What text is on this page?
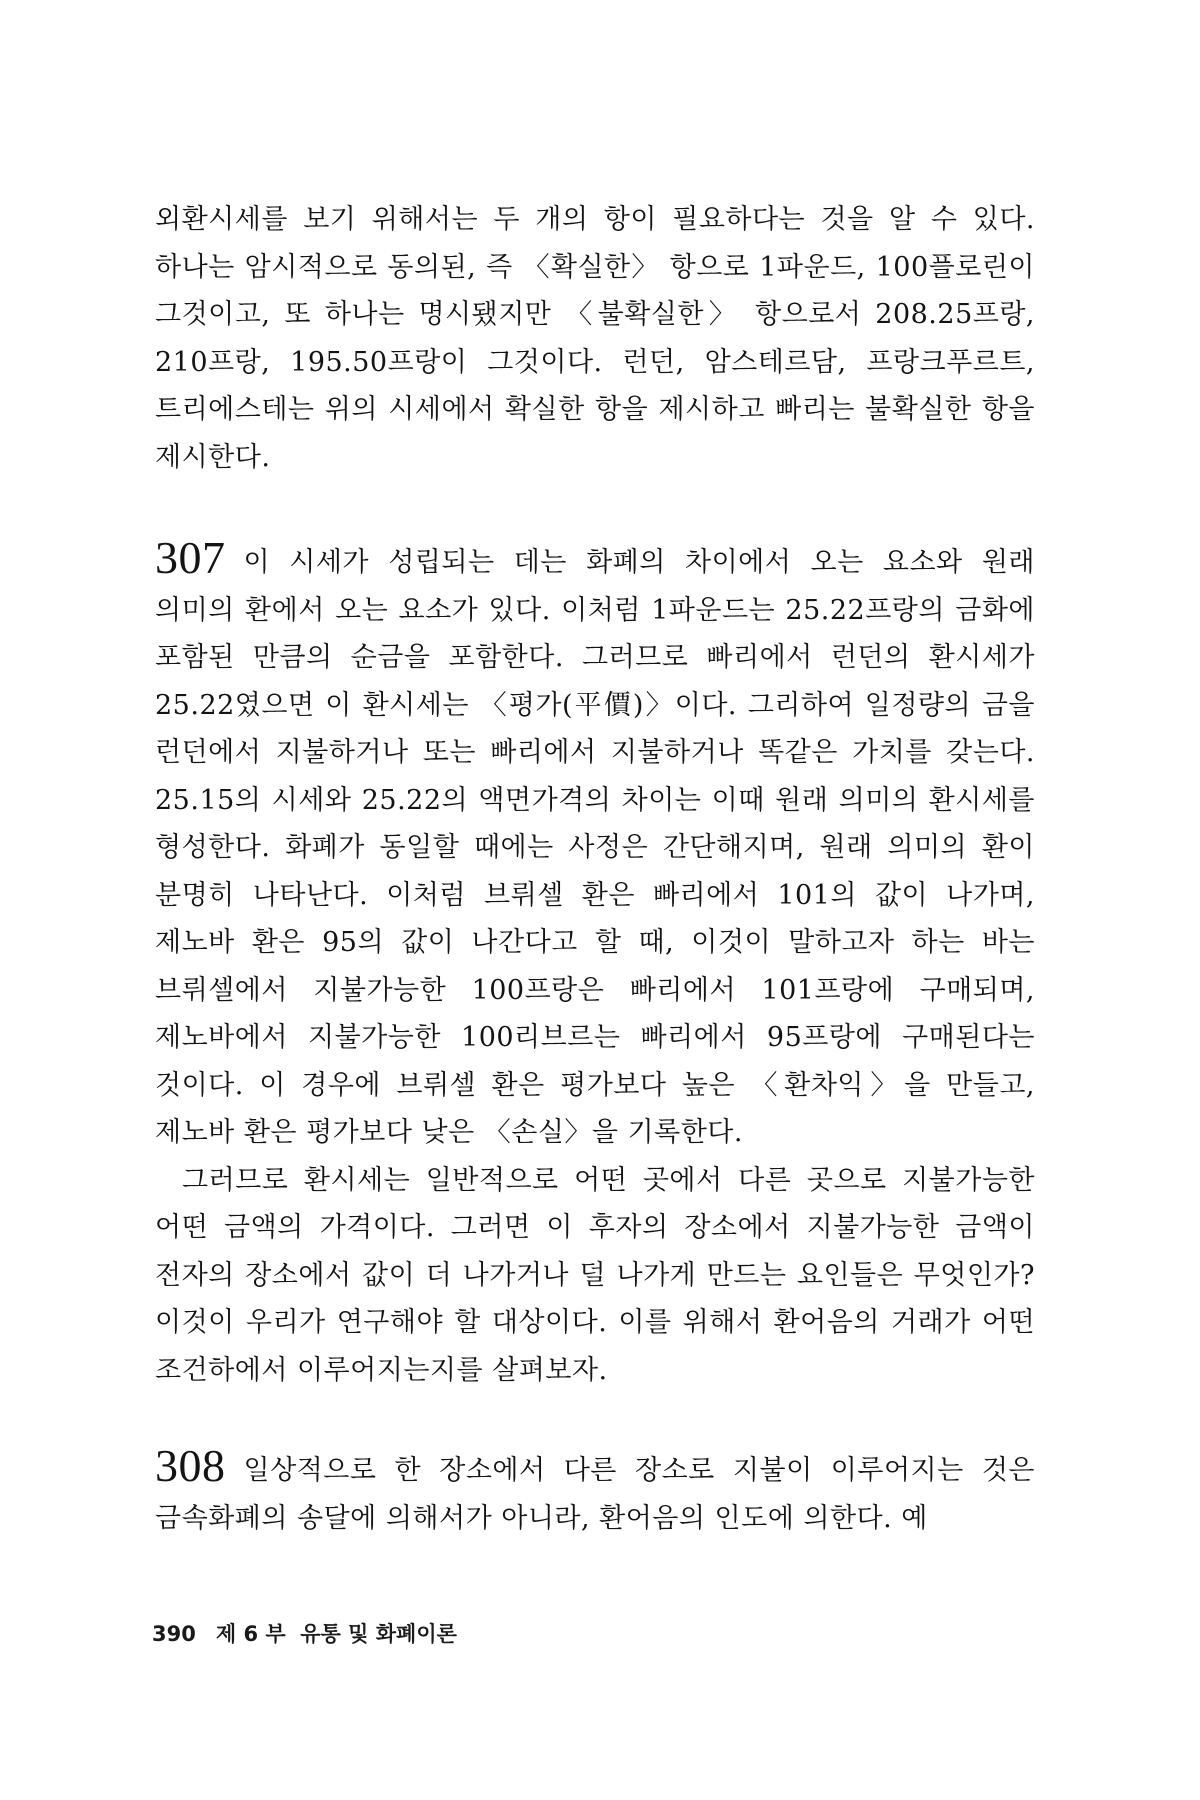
외환시세를 보기 위해서는 두 개의 항이 필요하다는 것을 알 수 있다. 하나는 암시적으로 동의된, 즉 〈확실한〉 항으로 1파운드, 100플로린이 그것이고, 또 하나는 명시됐지만 〈불확실한〉 항으로서 208.25프랑, 210프랑, 195.50프랑이 그것이다. 런던, 암스테르담, 프랑크푸르트, 트리에스테는 위의 시세에서 확실한 항을 제시하고 빠리는 불확실한 항을 제시한다.

307 이 시세가 성립되는 데는 화폐의 차이에서 오는 요소와 원래 의미의 환에서 오는 요소가 있다. 이처럼 1파운드는 25.22프랑의 금화에 포함된 만큼의 순금을 포함한다. 그러므로 빠리에서 런던의 환시세가 25.22였으면 이 환시세는 〈평가(平價)〉이다. 그리하여 일정량의 금을 런던에서 지불하거나 또는 빠리에서 지불하거나 똑같은 가치를 갖는다. 25.15의 시세와 25.22의 액면가격의 차이는 이때 원래 의미의 환시세를 형성한다. 화폐가 동일할 때에는 사정은 간단해지며, 원래 의미의 환이 분명히 나타난다. 이처럼 브뤼셀 환은 빠리에서 101의 값이 나가며, 제노바 환은 95의 값이 나간다고 할 때, 이것이 말하고자 하는 바는 브뤼셀에서 지불가능한 100프랑은 빠리에서 101프랑에 구매되며, 제노바에서 지불가능한 100리브르는 빠리에서 95프랑에 구매된다는 것이다. 이 경우에 브뤼셀 환은 평가보다 높은 〈환차익〉을 만들고, 제노바 환은 평가보다 낮은 〈손실〉을 기록한다.

그러므로 환시세는 일반적으로 어떤 곳에서 다른 곳으로 지불가능한 어떤 금액의 가격이다. 그러면 이 후자의 장소에서 지불가능한 금액이 전자의 장소에서 값이 더 나가거나 덜 나가게 만드는 요인들은 무엇인가? 이것이 우리가 연구해야 할 대상이다. 이를 위해서 환어음의 거래가 어떤 조건하에서 이루어지는지를 살펴보자.

308 일상적으로 한 장소에서 다른 장소로 지불이 이루어지는 것은 금속화폐의 송달에 의해서가 아니라, 환어음의 인도에 의한다. 예

390 제 6 부  유통 및 화폐이론
